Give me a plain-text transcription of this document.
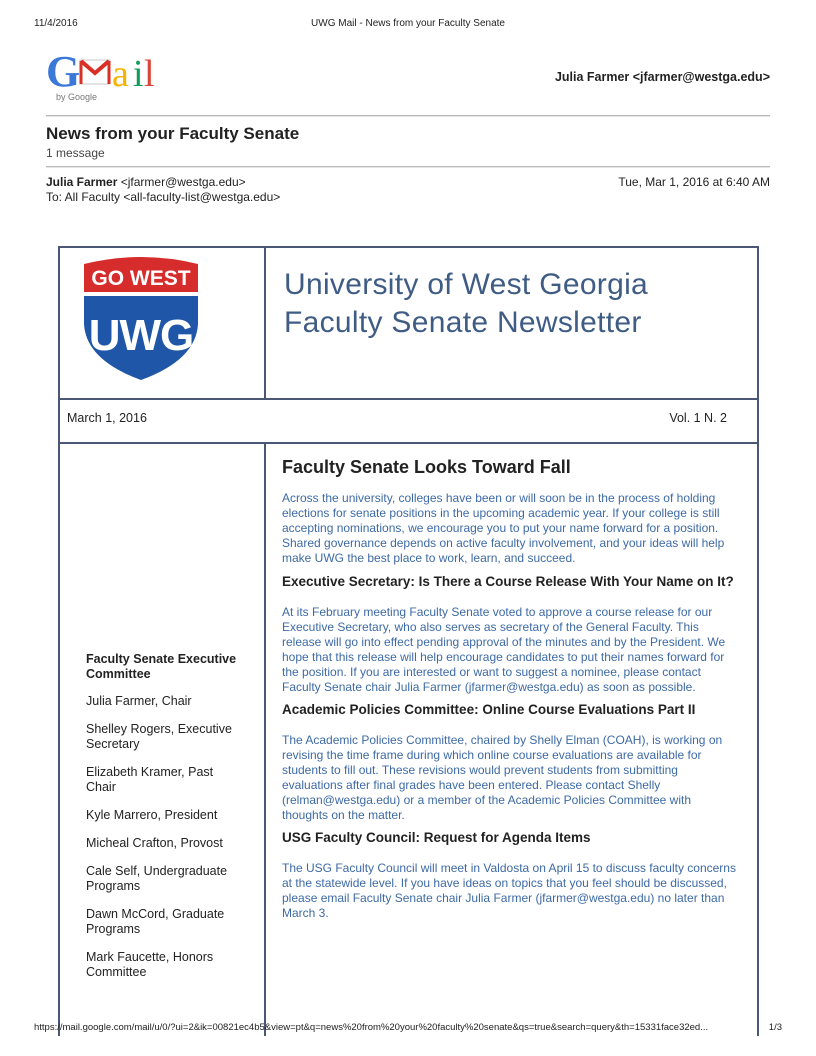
11/4/2016	UWG Mail - News from your Faculty Senate
G a i l
by Google
Julia Farmer <jfarmer@westga.edu>
News from your Faculty Senate
1 message
Julia Farmer <jfarmer@westga.edu>	Tue, Mar 1, 2016 at 6:40 AM
To: All Faculty <all-faculty-list@westga.edu>
GO WEST
UWG
University of West Georgia
Faculty Senate Newsletter
March 1, 2016	Vol. 1 N. 2
Faculty Senate Executive Committee
Julia Farmer, Chair
Shelley Rogers, Executive Secretary
Elizabeth Kramer, Past Chair
Kyle Marrero, President
Micheal Crafton, Provost
Cale Self, Undergraduate Programs
Dawn McCord, Graduate Programs
Mark Faucette, Honors Committee
Faculty Senate Looks Toward Fall

Across the university, colleges have been or will soon be in the process of holding elections for senate positions in the upcoming academic year. If your college is still accepting nominations, we encourage you to put your name forward for a position. Shared governance depends on active faculty involvement, and your ideas will help make UWG the best place to work, learn, and succeed.

Executive Secretary: Is There a Course Release With Your Name on It?

At its February meeting Faculty Senate voted to approve a course release for our Executive Secretary, who also serves as secretary of the General Faculty. This release will go into effect pending approval of the minutes and by the President. We hope that this release will help encourage candidates to put their names forward for the position. If you are interested or want to suggest a nominee, please contact Faculty Senate chair Julia Farmer (jfarmer@westga.edu) as soon as possible.

Academic Policies Committee: Online Course Evaluations Part II

The Academic Policies Committee, chaired by Shelly Elman (COAH), is working on revising the time frame during which online course evaluations are available for students to fill out. These revisions would prevent students from submitting evaluations after final grades have been entered. Please contact Shelly (relman@westga.edu) or a member of the Academic Policies Committee with thoughts on the matter.

USG Faculty Council: Request for Agenda Items

The USG Faculty Council will meet in Valdosta on April 15 to discuss faculty concerns at the statewide level. If you have ideas on topics that you feel should be discussed, please email Faculty Senate chair Julia Farmer (jfarmer@westga.edu) no later than March 3.

https://mail.google.com/mail/u/0/?ui=2&ik=00821ec4b5&view=pt&q=news%20from%20your%20faculty%20senate&qs=true&search=query&th=15331face32ed...	1/3
